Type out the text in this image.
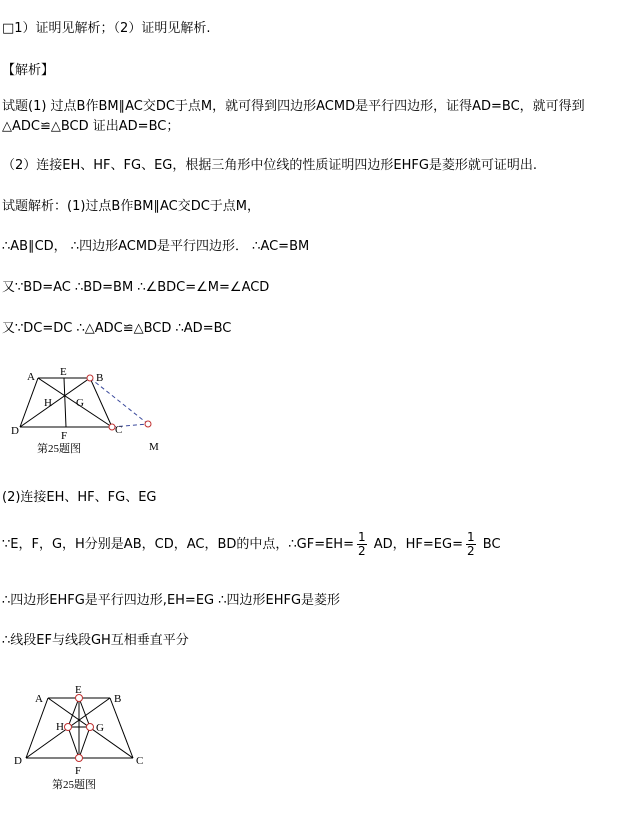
□1）证明见解析；（2）证明见解析.
【解析】
试题(1) 过点B作BM∥AC交DC于点M，就可得到四边形ACMD是平行四边形，证得AD=BC，就可得到
△ADC≌△BCD 证出AD=BC；
（2）连接EH、HF、FG、EG，根据三角形中位线的性质证明四边形EHFG是菱形就可证明出.
试题解析：(1)过点B作BM∥AC交DC于点M，
∴AB∥CD， ∴四边形ACMD是平行四边形． ∴AC=BM
又∵BD=AC ∴BD=BM ∴∠BDC=∠M=∠ACD
又∵DC=DC ∴△ADC≌△BCD ∴AD=BC
A E	B
H G
D	F	C
M
第25题图
(2)连接EH、HF、FG、EG
∵E，F，G，H分别是AB，CD，AC，BD的中点，∴GF=EH= $\frac{1}{2}$ AD，$HF=EG= \frac{1}{2}$ BC
∴四边形EHFG是平行四边形,EH=EG ∴四边形EHFG是菱形
∴线段EF与线段GH互相垂直平分
A
E
B
H	G
D
F
C
第25题图
